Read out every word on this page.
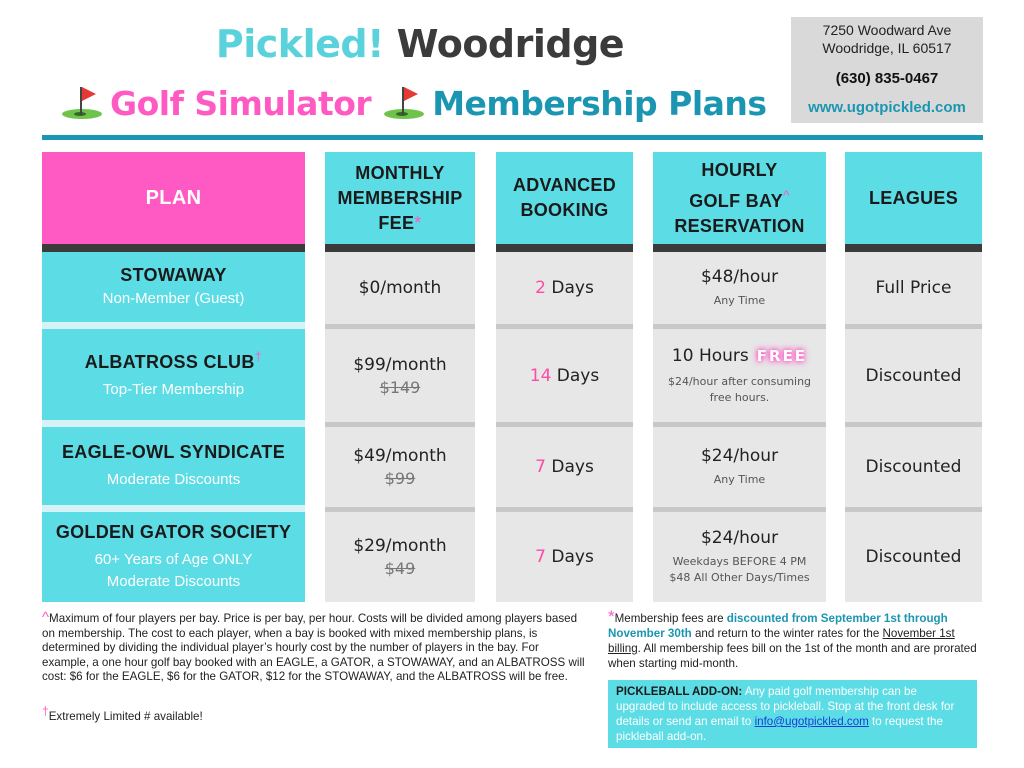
Pickled! Woodridge
Golf Simulator Membership Plans
7250 Woodward Ave
Woodridge, IL 60517
(630) 835-0467
www.ugotpickled.com
PLAN
MONTHLY
MEMBERSHIP
FEE*
ADVANCED
BOOKING
HOURLY
GOLF BAY^
RESERVATION
LEAGUES
STOWAWAY
Non-Member (Guest)	$0/month	2 Days
$48/hour
Any Time
Full Price
ALBATROSS CLUB†
Top-Tier Membership
$99/month
$149
14 Days
10 Hours FREE
$24/hour after consuming
free hours.
Discounted
EAGLE-OWL SYNDICATE
Moderate Discounts
$49/month
$99
7 Days
$24/hour
Any Time
Discounted
GOLDEN GATOR SOCIETY
60+ Years of Age ONLY
Moderate Discounts
$29/month
$49
7 Days
$24/hour
Weekdays BEFORE 4 PM
$48 All Other Days/Times
Discounted
^Maximum of four players per bay. Price is per bay, per hour. Costs will be divided among players based on membership. The cost to each player, when a bay is booked with mixed membership plans, is determined by dividing the individual player’s hourly cost by the number of players in the bay. For example, a one hour golf bay booked with an EAGLE, a GATOR, a STOWAWAY, and an ALBATROSS will cost: $6 for the EAGLE, $6 for the GATOR, $12 for the STOWAWAY, and the ALBATROSS will be free.
†Extremely Limited # available!
*Membership fees are discounted from September 1st through November 30th and return to the winter rates for the November 1st billing. All membership fees bill on the 1st of the month and are prorated when starting mid-month.
PICKLEBALL ADD-ON: Any paid golf membership can be upgraded to include access to pickleball. Stop at the front desk for details or send an email to info@ugotpickled.com to request the pickleball add-on.
